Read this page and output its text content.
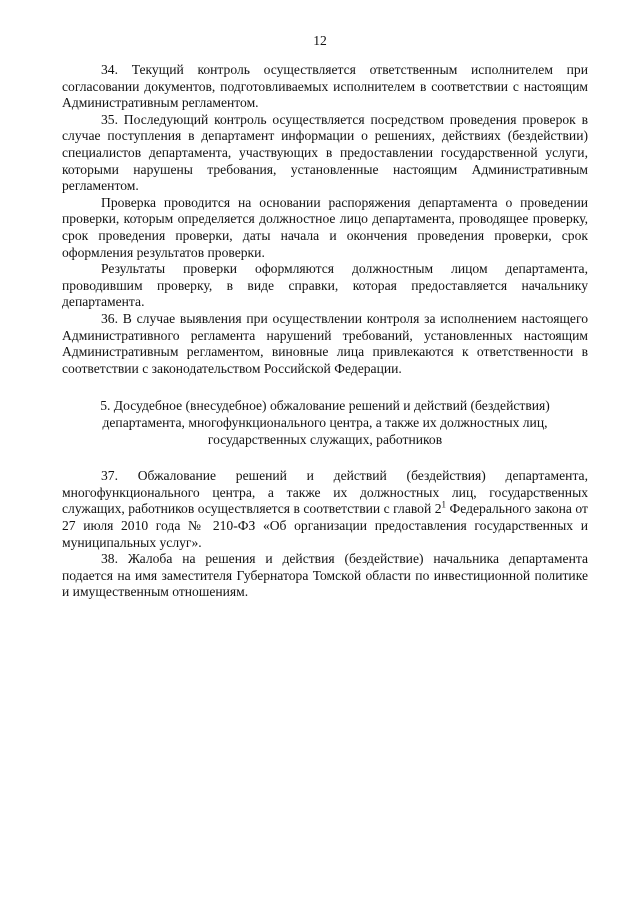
12

34. Текущий контроль осуществляется ответственным исполнителем при согласовании документов, подготовливаемых исполнителем в соответствии с настоящим Административным регламентом.

35. Последующий контроль осуществляется посредством проведения проверок в случае поступления в департамент информации о решениях, действиях (бездействии) специалистов департамента, участвующих в предоставлении государственной услуги, которыми нарушены требования, установленные настоящим Административным регламентом.

Проверка проводится на основании распоряжения департамента о проведении проверки, которым определяется должностное лицо департамента, проводящее проверку, срок проведения проверки, даты начала и окончения проведения проверки, срок оформления результатов проверки.

Результаты проверки оформляются должностным лицом департамента, проводившим проверку, в виде справки, которая предоставляется начальнику департамента.

36. В случае выявления при осуществлении контроля за исполнением настоящего Административного регламента нарушений требований, установленных настоящим Административным регламентом, виновные лица привлекаются к ответственности в соответствии с законодательством Российской Федерации.

5. Досудебное (внесудебное) обжалование решений и действий (бездействия)
департамента, многофункционального центра, а также их должностных лиц,
государственных служащих, работников

37. Обжалование решений и действий (бездействия) департамента, многофункционального центра, а также их должностных лиц, государственных служащих, работников осуществляется в соответствии с главой $2^1$ Федерального закона от 27 июля 2010 года № 210-ФЗ «Об организации предоставления государственных и муниципальных услуг».

38. Жалоба на решения и действия (бездействие) начальника департамента подается на имя заместителя Губернатора Томской области по инвестиционной политике и имущественным отношениям.
